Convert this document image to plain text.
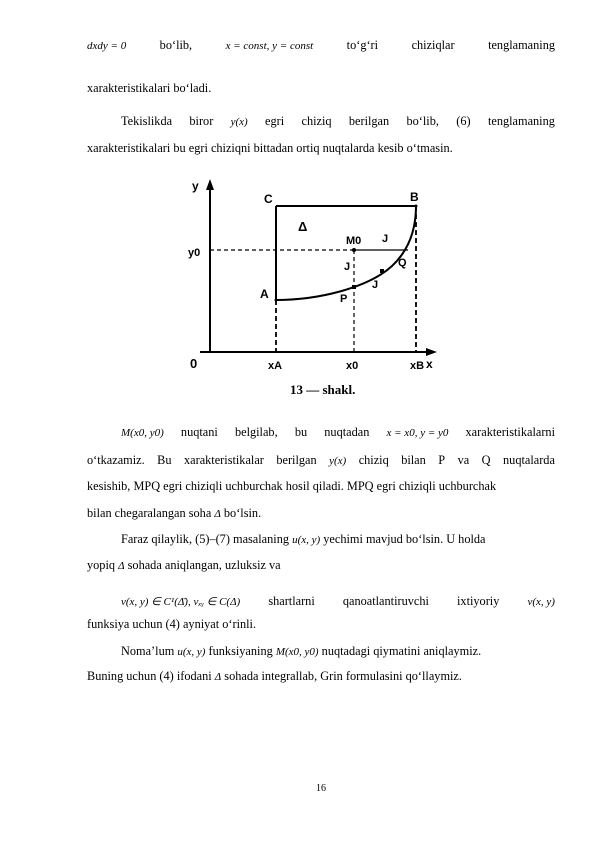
dxdy = 0	bo‘lib,	x = const, y = const	to‘g‘ri	chiziqlar	tenglamaning
xarakteristikalari bo‘ladi.
Tekislikda biror y(x) egri chiziq berilgan bo‘lib, (6) tenglamaning
xarakteristikalari bu egri chiziqni bittadan ortiq nuqtalarda kesib o‘tmasin.
y
x
0
y0
xA	x0	xB
A
B
C
Δ
M0 J
J
J
P
Q
13 — shakl.
M(x0, y0) nuqtani belgilab, bu nuqtadan x = x0, y = y0 xarakteristikalarni
o‘tkazamiz. Bu xarakteristikalar berilgan y(x) chiziq bilan P va Q nuqtalarda
kesishib, MPQ egri chiziqli uchburchak hosil qiladi. MPQ egri chiziqli uchburchak
bilan chegaralangan soha Δ bo‘lsin.
Faraz qilaylik, (5)–(7) masalaning u(x, y) yechimi mavjud bo‘lsin. U holda
yopiq Δ sohada aniqlangan, uzluksiz va
v(x, y) ∈ C¹(Δ̄), vₓᵧ ∈ C(Δ) shartlarni qanoatlantiruvchi ixtiyoriy	v(x, y)
funksiya uchun (4) ayniyat o‘rinli.
Noma’lum u(x, y) funksiyaning M(x0, y0) nuqtadagi qiymatini aniqlaymiz.
Buning uchun (4) ifodani Δ sohada integrallab, Grin formulasini qo‘llaymiz.
16
